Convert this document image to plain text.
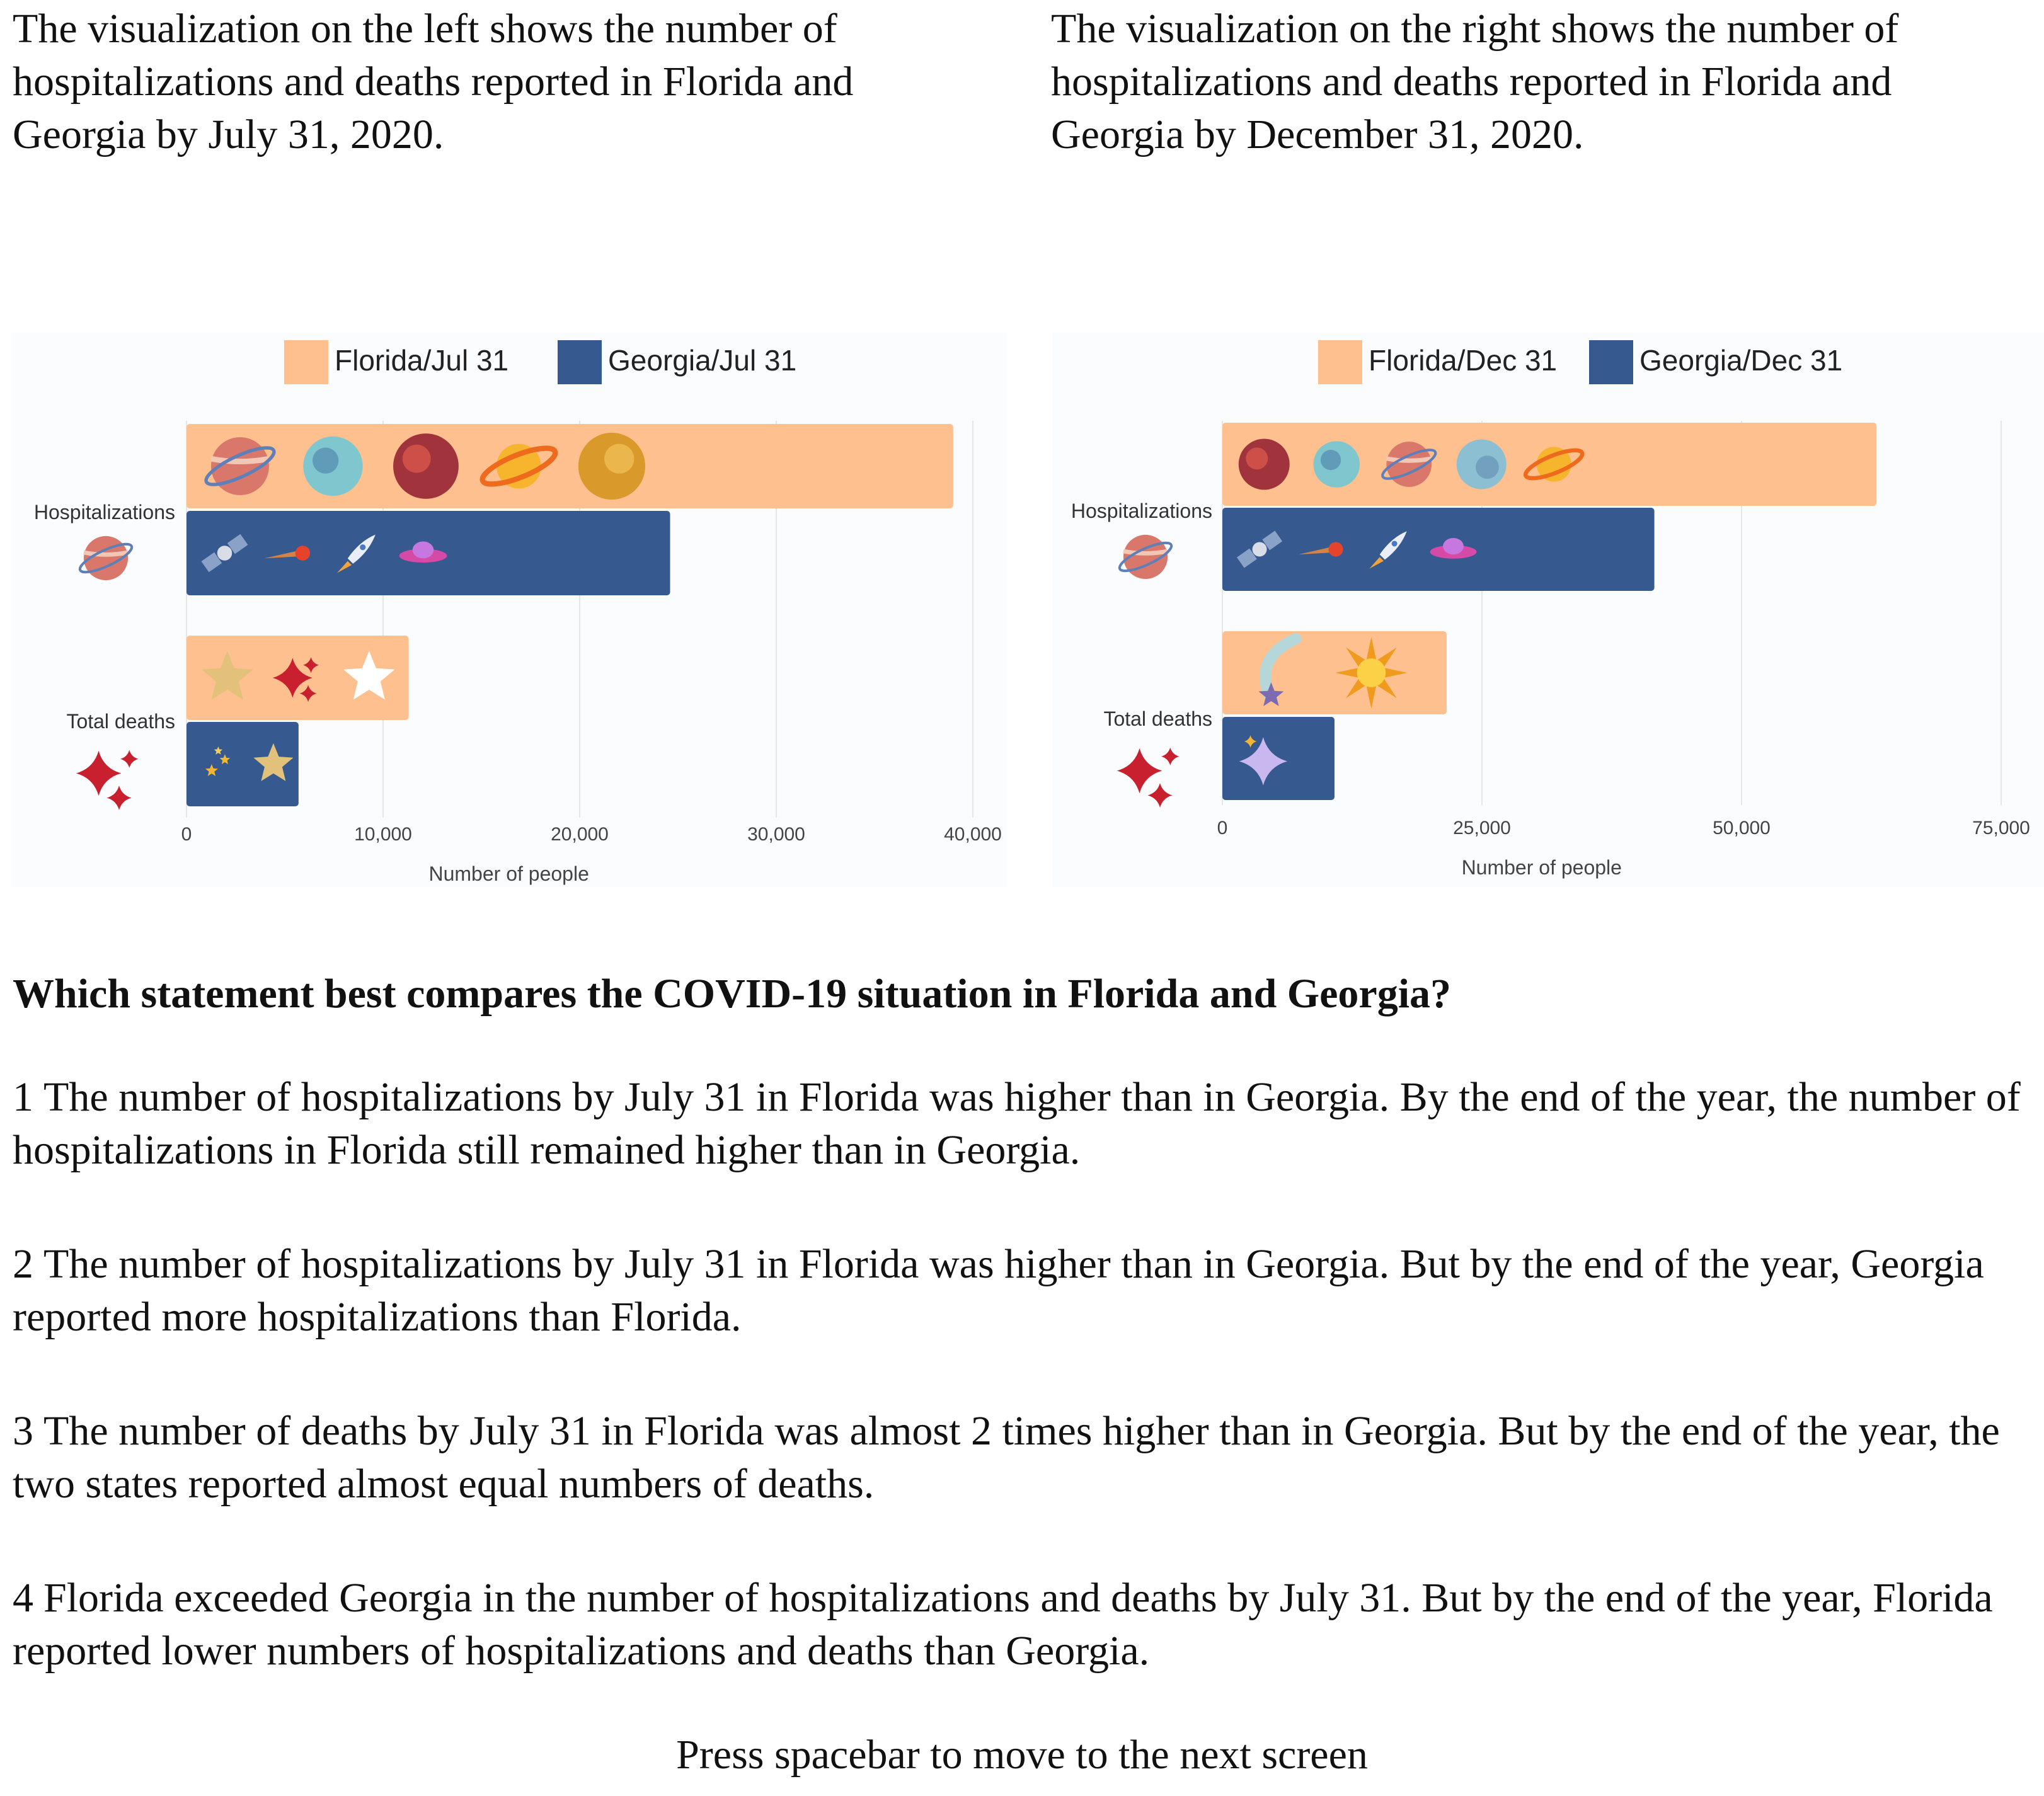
The visualization on the left shows the number of hospitalizations and deaths reported in Florida and Georgia by July 31, 2020.

The visualization on the right shows the number of hospitalizations and deaths reported in Florida and Georgia by December 31, 2020.

0	10,000	20,000	30,000	40,000
Number of people
Florida/Jul 31	Georgia/Jul 31
Hospitalizations
Total deaths
0	25,000	50,000	75,000
Number of people
Florida/Dec 31	Georgia/Dec 31
Hospitalizations
Total deaths

Which statement best compares the COVID-19 situation in Florida and Georgia?

1 The number of hospitalizations by July 31 in Florida was higher than in Georgia. By the end of the year, the number of hospitalizations in Florida still remained higher than in Georgia.

2 The number of hospitalizations by July 31 in Florida was higher than in Georgia. But by the end of the year, Georgia reported more hospitalizations than Florida.

3 The number of deaths by July 31 in Florida was almost 2 times higher than in Georgia. But by the end of the year, the two states reported almost equal numbers of deaths.

4 Florida exceeded Georgia in the number of hospitalizations and deaths by July 31. But by the end of the year, Florida reported lower numbers of hospitalizations and deaths than Georgia.

Press spacebar to move to the next screen
